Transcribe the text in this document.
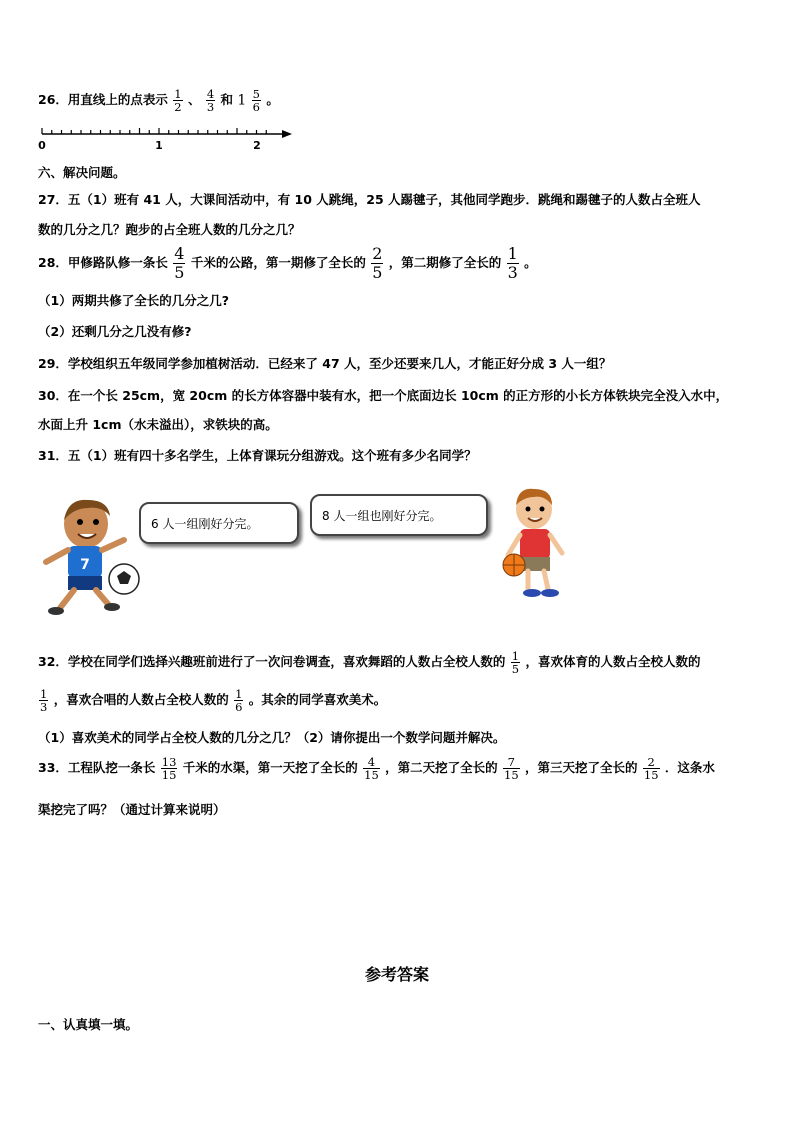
26．用直线上的点表示 $\frac{1}{2}$ 、 $\frac{4}{3}$ 和 $1 \frac{5}{6}$ 。
0	1	2
六、解决问题。
27．五（1）班有 41 人，大课间活动中，有 10 人跳绳，25 人踢毽子，其他同学跑步．跳绳和踢毽子的人数占全班人
数的几分之几？跑步的占全班人数的几分之几？
28．甲修路队修一条长 $\frac{4}{5}$ 千米的公路，第一期修了全长的 $\frac{2}{5}$ ，第二期修了全长的 $\frac{1}{3}$ 。
（1）两期共修了全长的几分之几?
（2）还剩几分之几没有修?
29．学校组织五年级同学参加植树活动．已经来了 47 人，至少还要来几人，才能正好分成 3 人一组？
30．在一个长 25cm，宽 20cm 的长方体容器中装有水，把一个底面边长 10cm 的正方形的小长方体铁块完全没入水中，
水面上升 1cm（水未溢出），求铁块的高。
31．五（1）班有四十多名学生，上体育课玩分组游戏。这个班有多少名同学？
7
6 人一组刚好分完。
8 人一组也刚好分完。
32．学校在同学们选择兴趣班前进行了一次问卷调查，喜欢舞蹈的人数占全校人数的 $\frac{1}{5}$ ，喜欢体育的人数占全校人数的
$\frac{1}{3}$ ，喜欢合唱的人数占全校人数的 $\frac{1}{6}$ 。其余的同学喜欢美术。
（1）喜欢美术的同学占全校人数的几分之几？（2）请你提出一个数学问题并解决。
33．工程队挖一条长 $\frac{13}{15}$ 千米的水渠，第一天挖了全长的 $\frac{4}{15}$ ，第二天挖了全长的 $\frac{7}{15}$ ，第三天挖了全长的 $\frac{2}{15}$ ．这条水
渠挖完了吗？（通过计算来说明）
参考答案
一、认真填一填。
